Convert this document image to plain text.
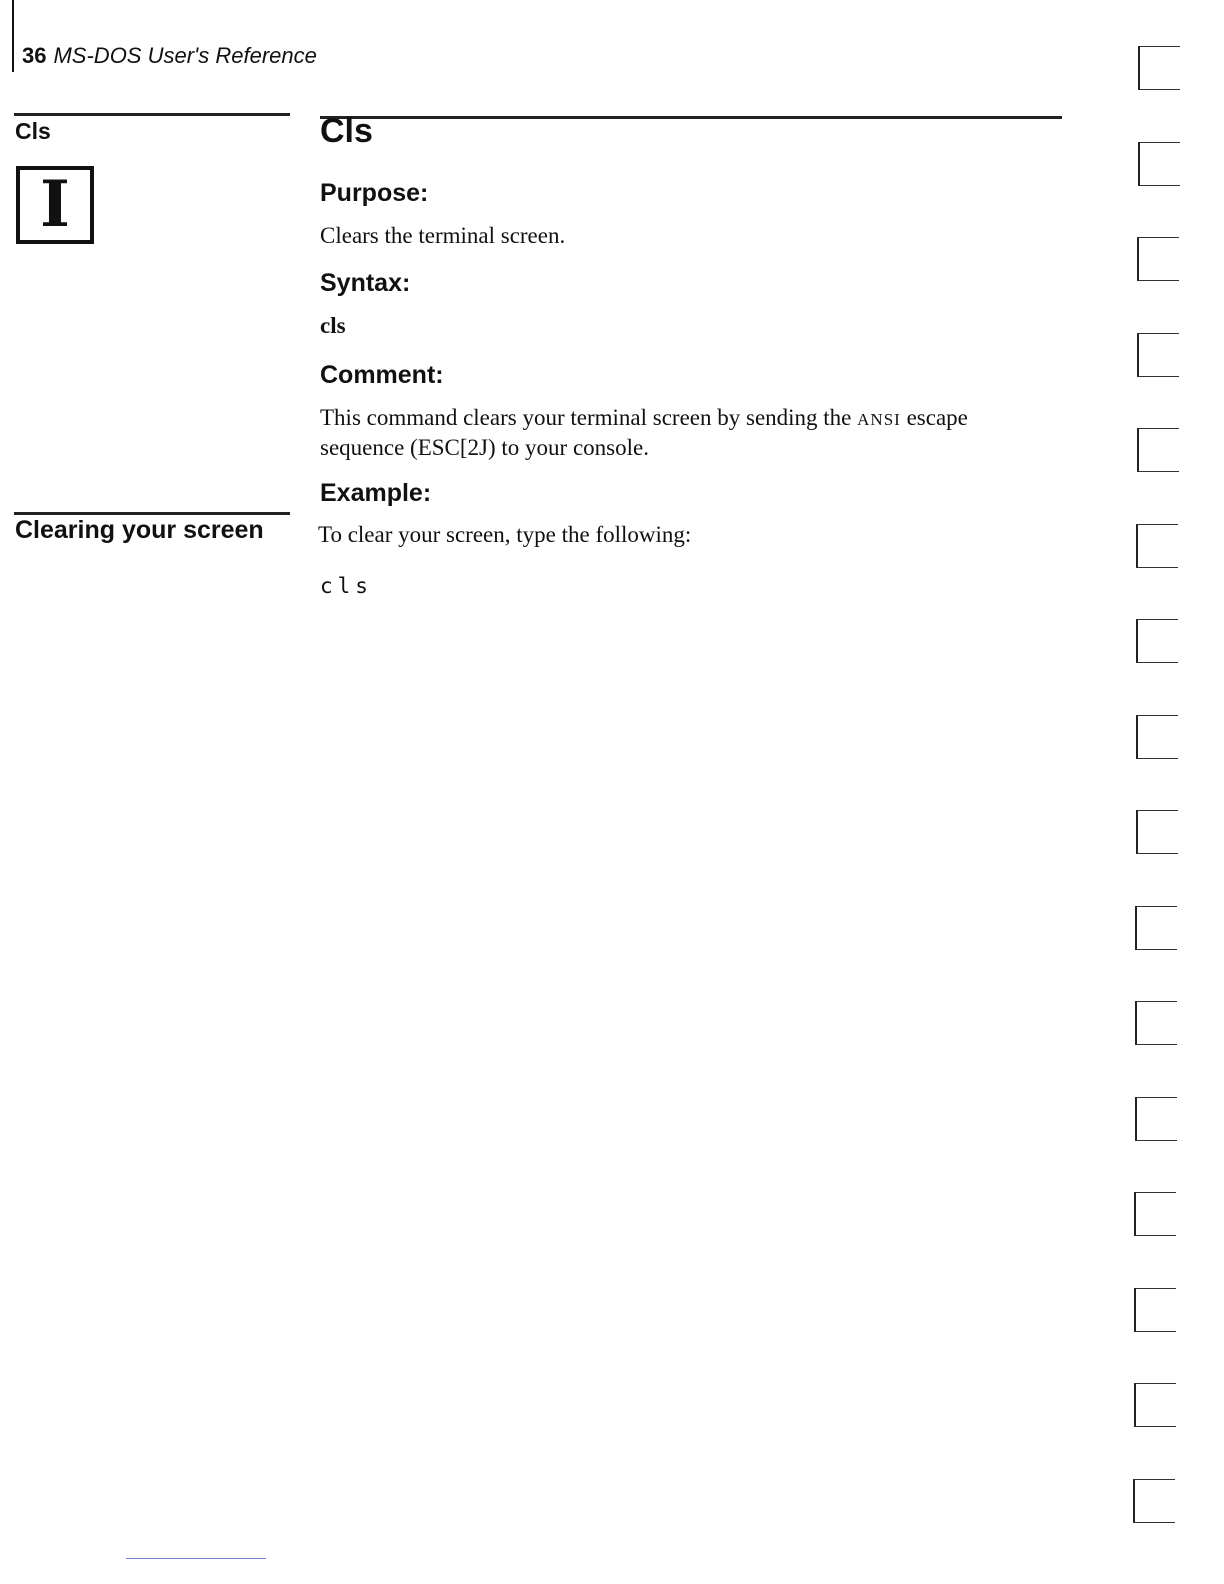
36 MS-DOS User's Reference
Cls
I
Clearing your screen
Cls
Purpose:
Clears the terminal screen.
Syntax:
cls
Comment:
This command clears your terminal screen by sending the ANSI escape sequence (ESC[2J) to your console.
Example:
To clear your screen, type the following:
cls
